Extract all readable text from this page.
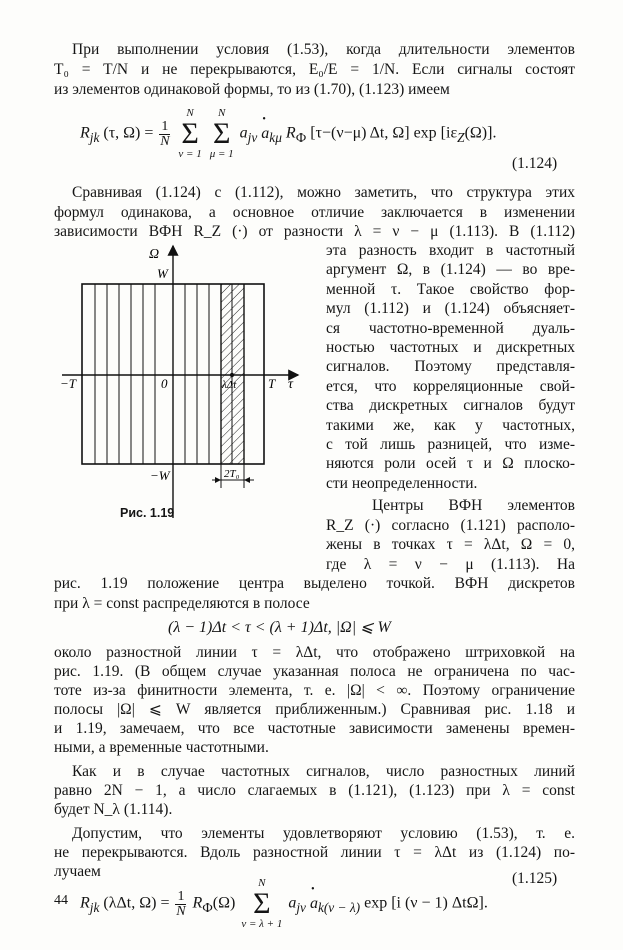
При выполнении условия (1.53), когда длительности элементов
T₀ = T/N и не перекрываются, E₀/E = 1/N. Если сигналы состоят
из элементов одинаковой формы, то из (1.70), (1.123) имеем
$R_{jk}$ (τ, $\Omega) = \frac{1}{N}$

N
Σ
ν = 1

N
Σ
μ = 1
$a_{j\nu}$ • $a_{k\mu}$ $R_Ф$ [τ−(ν−μ) Δt, Ω] $\exp [i\varepsilon_Z(\Omega)]$.
(1.124)
Сравнивая (1.124) с (1.112), можно заметить, что структура этих
формул одинакова, а основное отличие заключается в изменении
зависимости ВФН R_Z (·) от разности λ = ν − μ (1.113). В (1.112)
эта разность входит в частотный
аргумент Ω, в (1.124) — во вре-
менной τ. Такое свойство фор-
мул (1.112) и (1.124) объясняет-
ся частотно-временной дуаль-
ностью частотных и дискретных
сигналов. Поэтому представля-
ется, что корреляционные свой-
ства дискретных сигналов будут
такими же, как у частотных,
с той лишь разницей, что изме-
няются роли осей τ и Ω плоско-
сти неопределенности.
Центры ВФН элементов
R_Z (·) согласно (1.121) располо-
жены в точках τ = λΔt, Ω = 0,
где λ = ν − μ (1.113). На
Ω
W
−T	0	λΔt T τ
−W	2T₀
Рис. 1.19
рис. 1.19 положение центра выделено точкой. ВФН дискретов
при λ = const распределяются в полосе
(λ − 1)Δt < τ < (λ + 1)Δt, |Ω| ⩽ W
около разностной линии τ = λΔt, что отображено штриховкой на
рис. 1.19. (В общем случае указанная полоса не ограничена по час-
тоте из-за финитности элемента, т. е. |Ω| < ∞. Поэтому ограничение
полосы |Ω| ⩽ W является приближенным.) Сравнивая рис. 1.18 и
и 1.19, замечаем, что все частотные зависимости заменены времен-
ными, а временные частотными.
Как и в случае частотных сигналов, число разностных линий
равно 2N − 1, а число слагаемых в (1.121), (1.123) при λ = const
будет N_λ (1.114).
Допустим, что элементы удовлетворяют условию (1.53), т. е.
не перекрываются. Вдоль разностной линии τ = λΔt из (1.124) по-
лучаем
$R_{jk}$ (λΔt, $\Omega) = \frac{1}{N} R_Ф(\Omega)$
N
Σ
ν = λ + 1
$a_{j\nu}$ • $a_{k(\nu - \lambda)}$ exp [i (ν − 1) ΔtΩ].
(1.125)
44
